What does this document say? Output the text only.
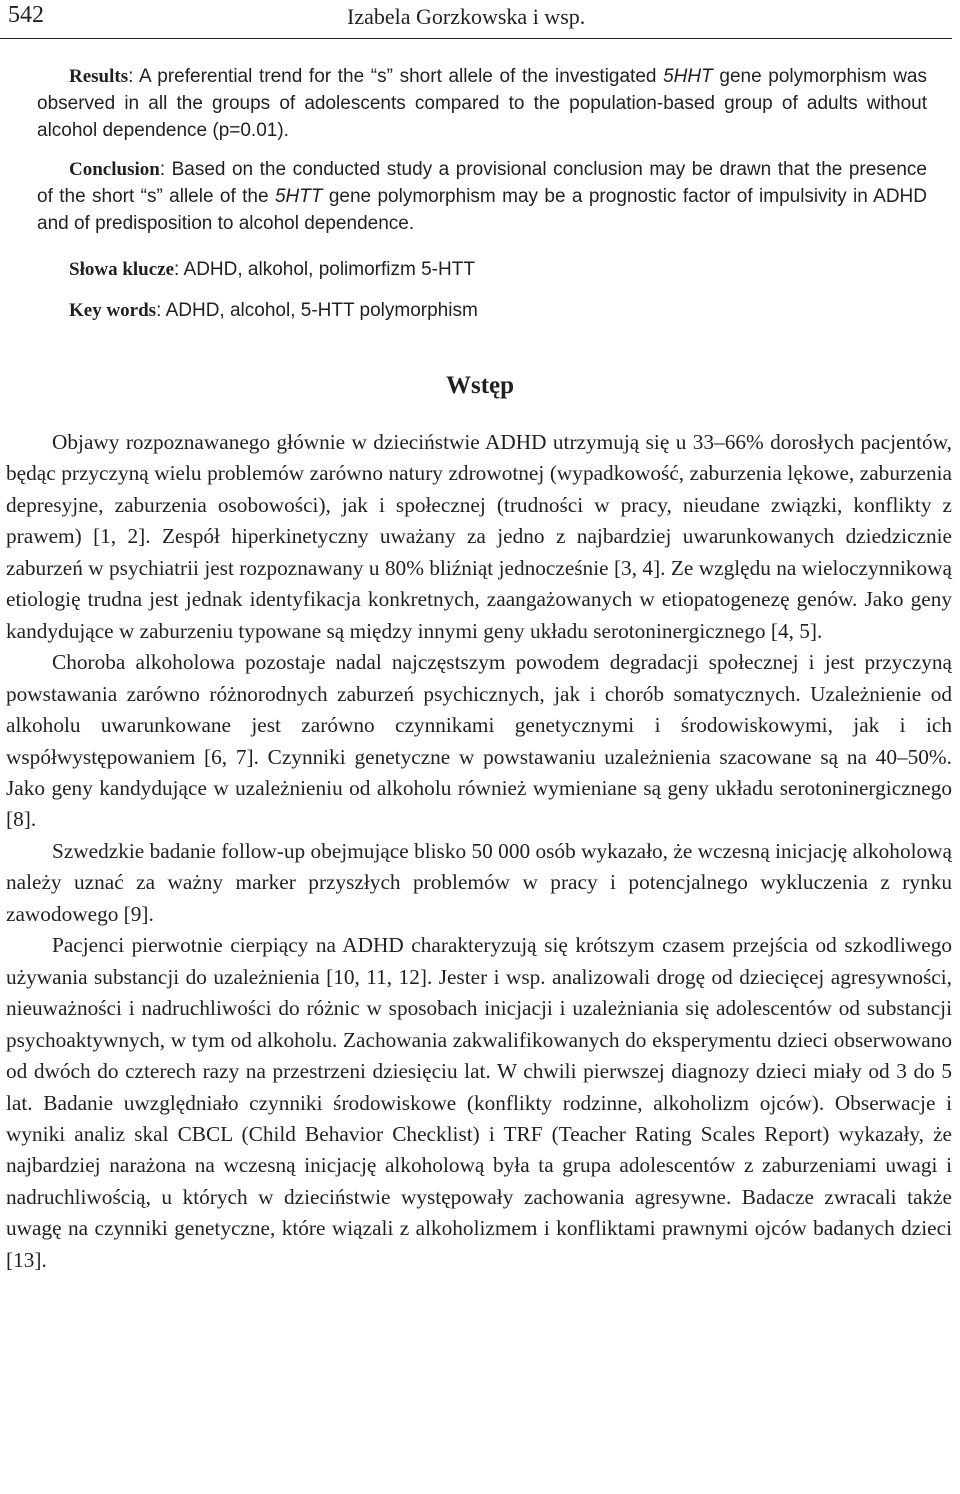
542	Izabela Gorzkowska i wsp.

Results: A preferential trend for the “s” short allele of the investigated 5HHT gene polymorphism was observed in all the groups of adolescents compared to the population-based group of adults without alcohol dependence (p=0.01).

Conclusion: Based on the conducted study a provisional conclusion may be drawn that the presence of the short “s” allele of the 5HTT gene polymorphism may be a prognostic factor of impulsivity in ADHD and of predisposition to alcohol dependence.

Słowa klucze: ADHD, alkohol, polimorfizm 5-HTT
Key words: ADHD, alcohol, 5-HTT polymorphism
Wstęp

Objawy rozpoznawanego głównie w dzieciństwie ADHD utrzymują się u 33–66% dorosłych pacjentów, będąc przyczyną wielu problemów zarówno natury zdrowotnej (wypadkowość, zaburzenia lękowe, zaburzenia depresyjne, zaburzenia osobowości), jak i społecznej (trudności w pracy, nieudane związki, konflikty z prawem) [1, 2]. Zespół hiperkinetyczny uważany za jedno z najbardziej uwarunkowanych dziedzicznie zaburzeń w psychiatrii jest rozpoznawany u 80% bliźniąt jednocześnie [3, 4]. Ze względu na wieloczynnikową etiologię trudna jest jednak identyfikacja konkretnych, zaangażowanych w etiopatogenezę genów. Jako geny kandydujące w zaburzeniu typowane są między innymi geny układu serotoninergicznego [4, 5].

Choroba alkoholowa pozostaje nadal najczęstszym powodem degradacji społecznej i jest przyczyną powstawania zarówno różnorodnych zaburzeń psychicznych, jak i chorób somatycznych. Uzależnienie od alkoholu uwarunkowane jest zarówno czynnikami genetycznymi i środowiskowymi, jak i ich współwystępowaniem [6, 7]. Czynniki genetyczne w powstawaniu uzależnienia szacowane są na 40–50%. Jako geny kandydujące w uzależnieniu od alkoholu również wymieniane są geny układu serotoninergicznego [8].

Szwedzkie badanie follow-up obejmujące blisko 50 000 osób wykazało, że wczesną inicjację alkoholową należy uznać za ważny marker przyszłych problemów w pracy i potencjalnego wykluczenia z rynku zawodowego [9].

Pacjenci pierwotnie cierpiący na ADHD charakteryzują się krótszym czasem przejścia od szkodliwego używania substancji do uzależnienia [10, 11, 12]. Jester i wsp. analizowali drogę od dziecięcej agresywności, nieuważności i nadruchliwości do różnic w sposobach inicjacji i uzależniania się adolescentów od substancji psychoaktywnych, w tym od alkoholu. Zachowania zakwalifikowanych do eksperymentu dzieci obserwowano od dwóch do czterech razy na przestrzeni dziesięciu lat. W chwili pierwszej diagnozy dzieci miały od 3 do 5 lat. Badanie uwzględniało czynniki środowiskowe (konflikty rodzinne, alkoholizm ojców). Obserwacje i wyniki analiz skal CBCL (Child Behavior Checklist) i TRF (Teacher Rating Scales Report) wykazały, że najbardziej narażona na wczesną inicjację alkoholową była ta grupa adolescentów z zaburzeniami uwagi i nadruchliwością, u których w dzieciństwie występowały zachowania agresywne. Badacze zwracali także uwagę na czynniki genetyczne, które wiązali z alkoholizmem i konfliktami prawnymi ojców badanych dzieci [13].
